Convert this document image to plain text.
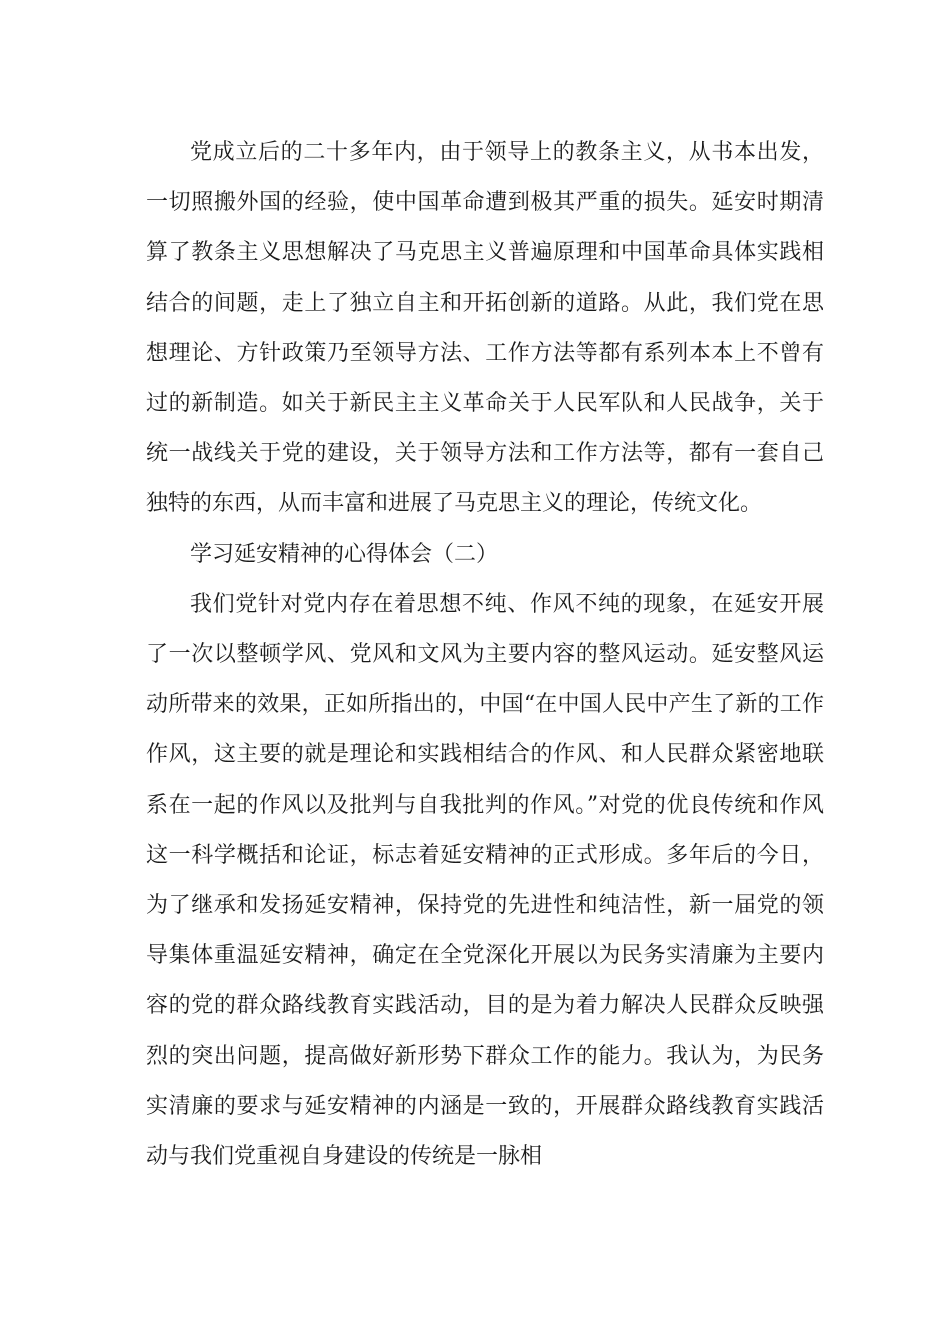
党成立后的二十多年内，由于领导上的教条主义，从书本出发，一切照搬外国的经验，使中国革命遭到极其严重的损失。延安时期清算了教条主义思想解决了马克思主义普遍原理和中国革命具体实践相结合的间题，走上了独立自主和开拓创新的道路。从此，我们党在思想理论、方针政策乃至领导方法、工作方法等都有系列本本上不曾有过的新制造。如关于新民主主义革命关于人民军队和人民战争，关于统一战线关于党的建设，关于领导方法和工作方法等，都有一套自己独特的东西，从而丰富和进展了马克思主义的理论，传统文化。

学习延安精神的心得体会（二）

我们党针对党内存在着思想不纯、作风不纯的现象，在延安开展了一次以整顿学风、党风和文风为主要内容的整风运动。延安整风运动所带来的效果，正如所指出的，中国“在中国人民中产生了新的工作作风，这主要的就是理论和实践相结合的作风、和人民群众紧密地联系在一起的作风以及批判与自我批判的作风。”对党的优良传统和作风这一科学概括和论证，标志着延安精神的正式形成。多年后的今日，为了继承和发扬延安精神，保持党的先进性和纯洁性，新一届党的领导集体重温延安精神，确定在全党深化开展以为民务实清廉为主要内容的党的群众路线教育实践活动，目的是为着力解决人民群众反映强烈的突出问题，提高做好新形势下群众工作的能力。我认为，为民务实清廉的要求与延安精神的内涵是一致的，开展群众路线教育实践活动与我们党重视自身建设的传统是一脉相
